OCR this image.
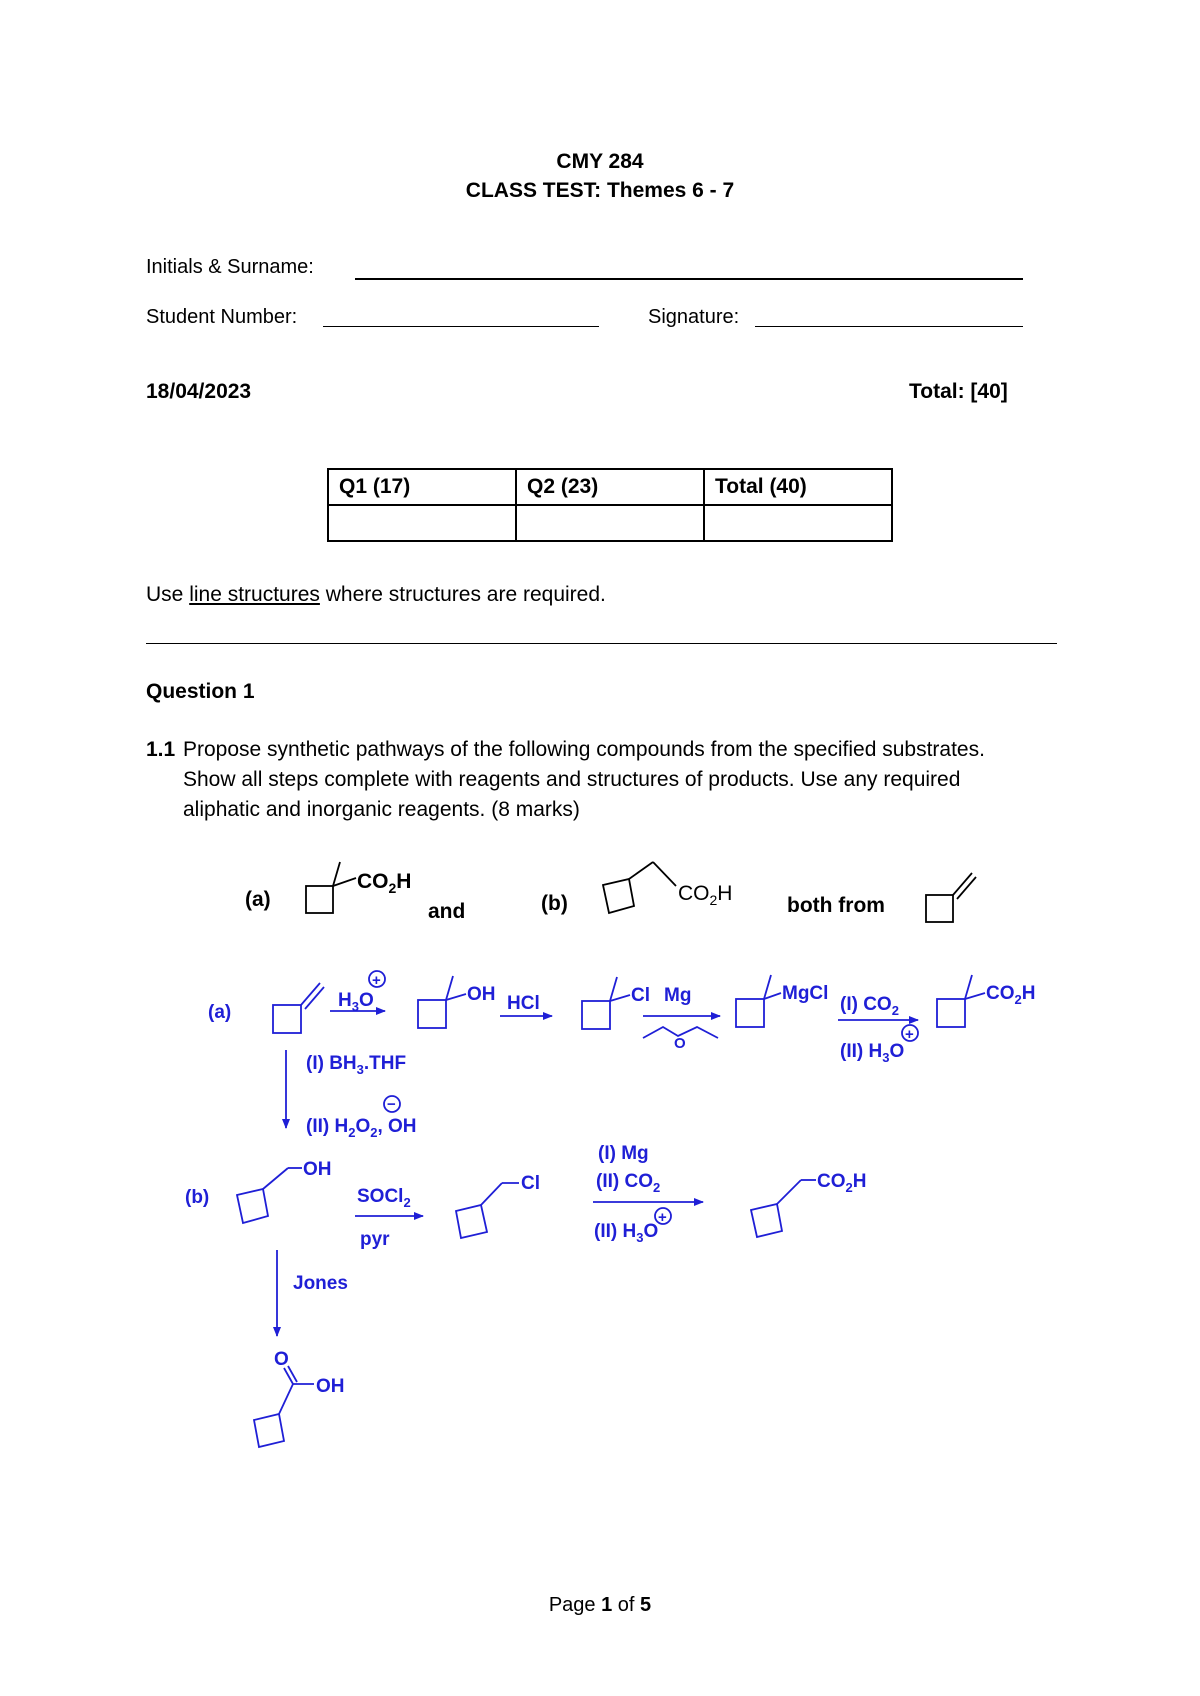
CMY 284
CLASS TEST: Themes 6 - 7
Initials & Surname:
Student Number:	Signature:
18/04/2023	Total: [40]
Q1 (17)	Q2 (23)	Total (40)

Use line structures where structures are required.
Question 1
1.1 Propose synthetic pathways of the following compounds from the specified substrates.
Show all steps complete with reagents and structures of products. Use any required
aliphatic and inorganic reagents. (8 marks)
(a)
$CO_2H$
and	(b)	$CO_2H$
both from
(a)
$H_3O$
+
OH HCl	Cl Mg
O
MgCl
(I) $CO_2$
(II) $H_3O$
+
$CO_2H$
(I) $BH_3.THF$
(II) $H_2O_2$, OH
−
(b)
OH
SOCl$_2$
pyr
Cl
(I) Mg
(II) $CO_2$
(II) $H_3O$
+
$CO_2H$
Jones
O
OH
Page 1 of 5
